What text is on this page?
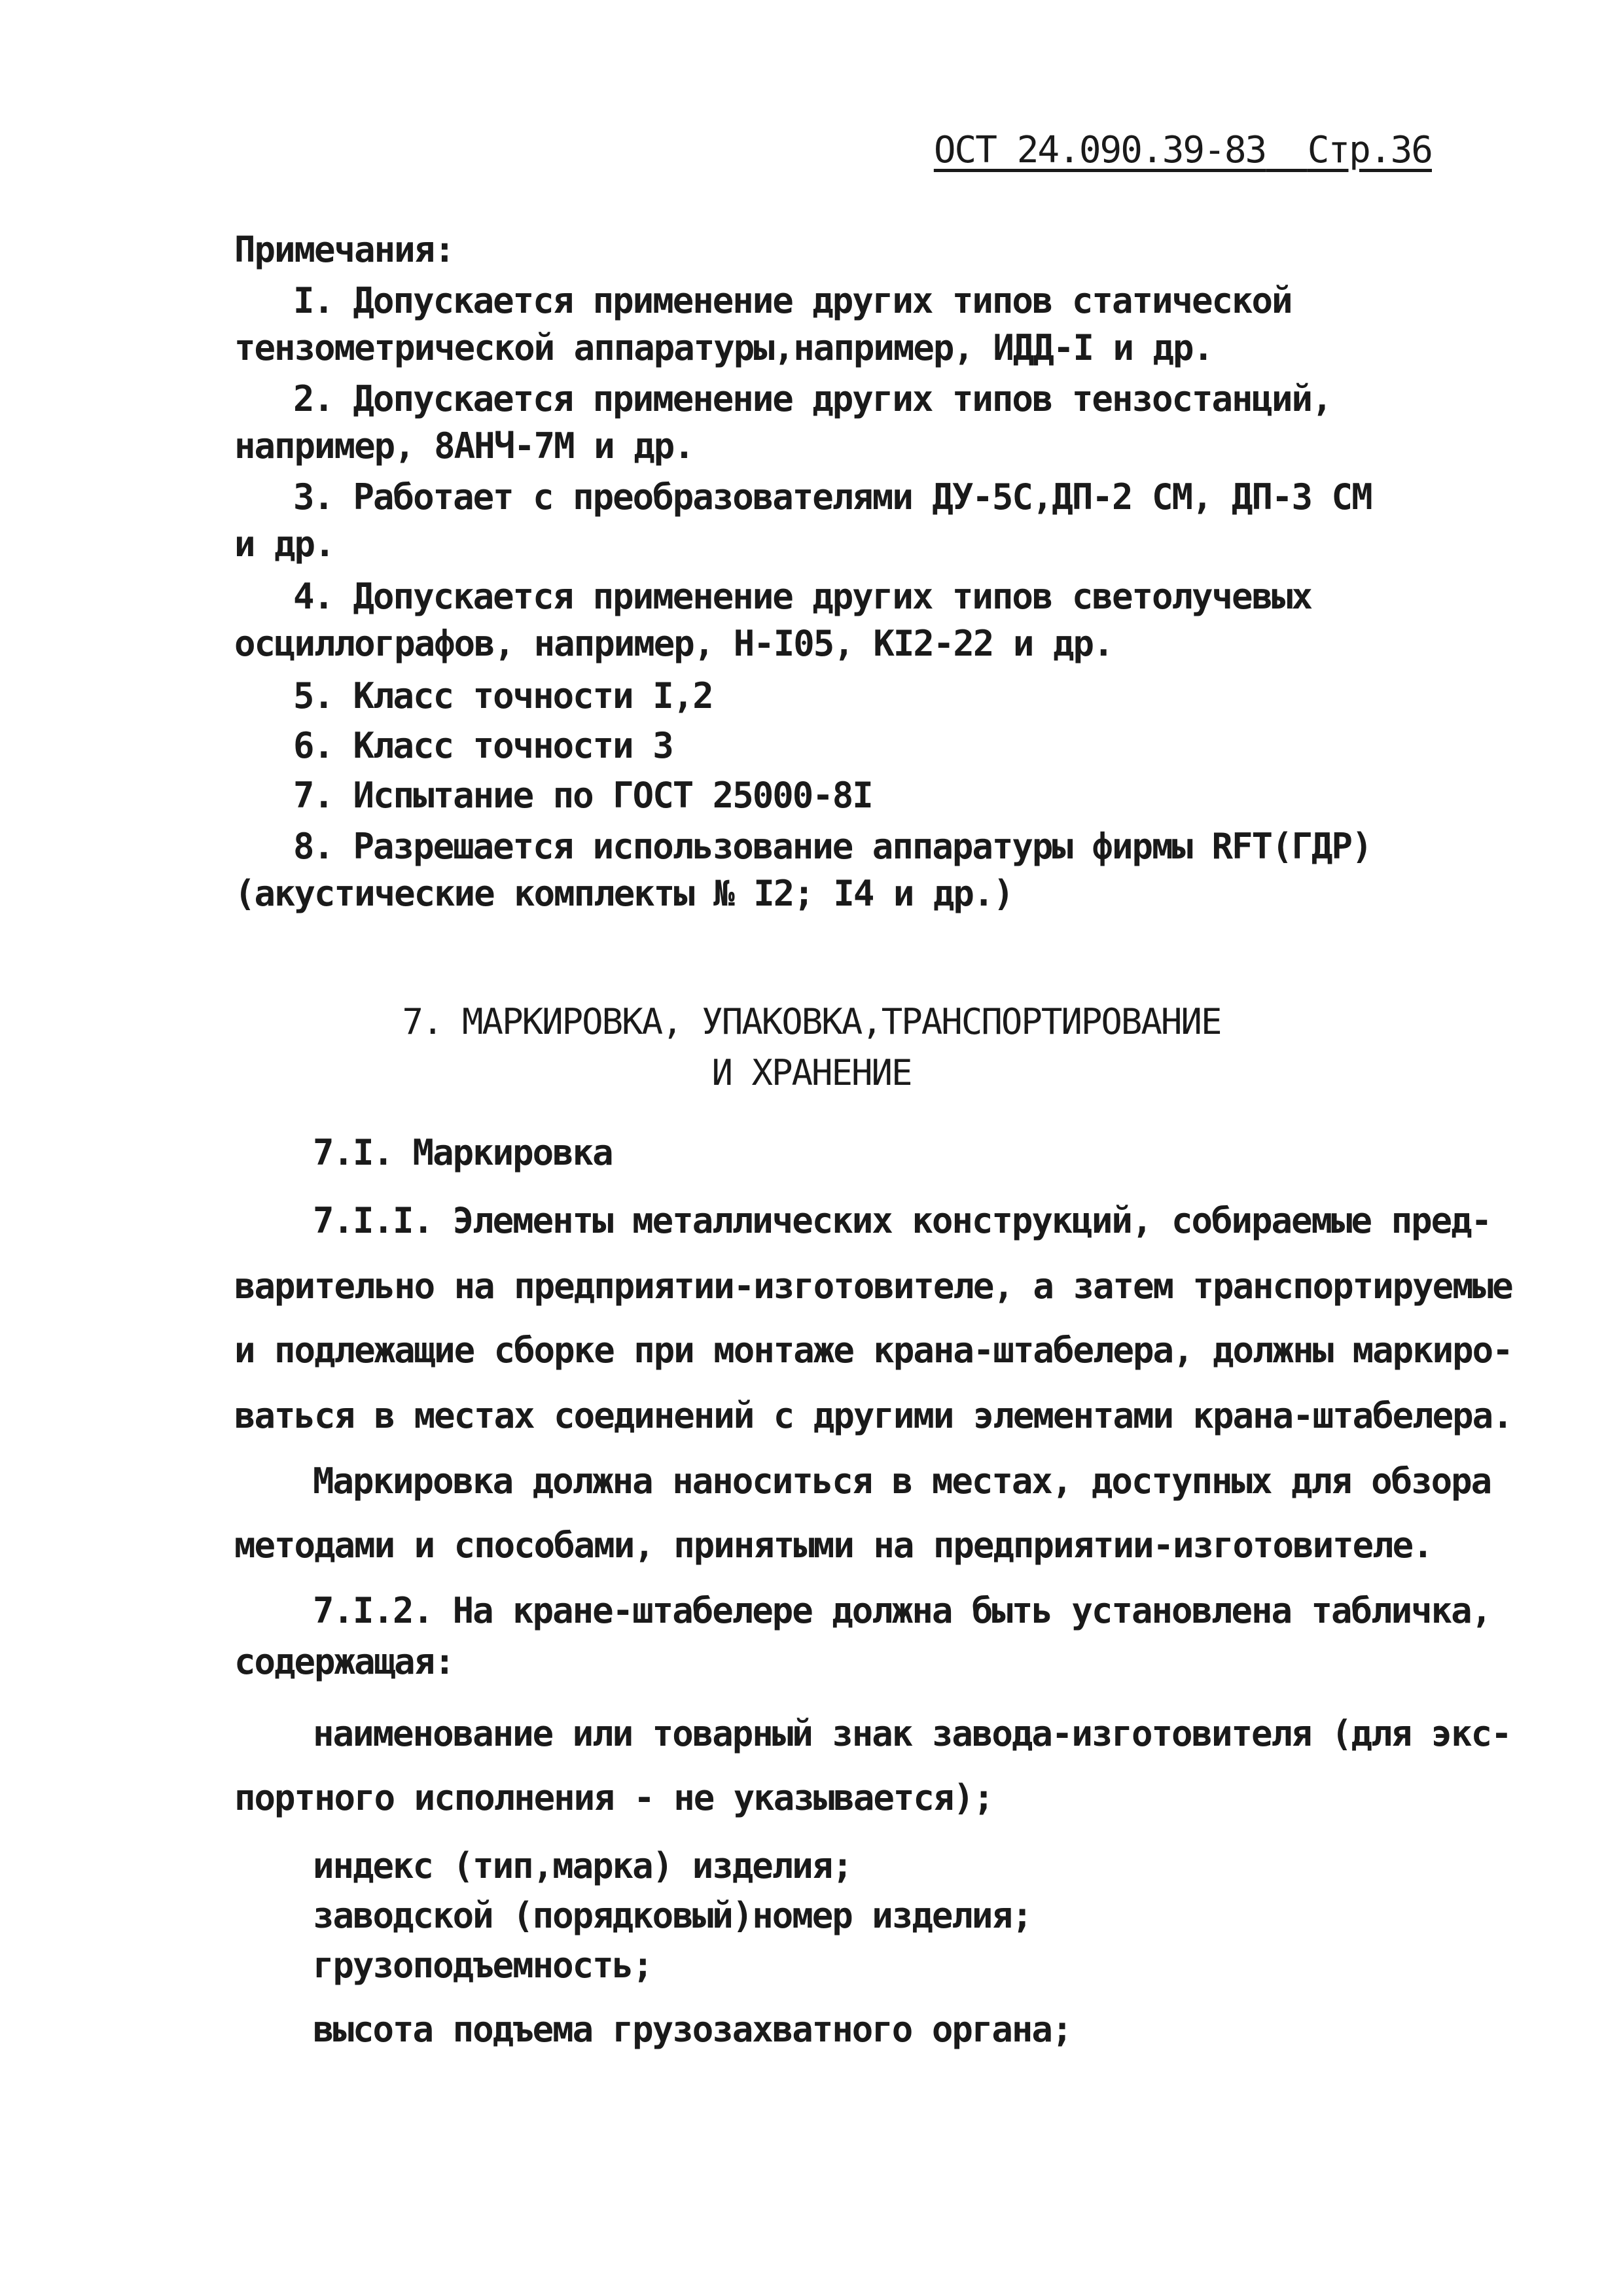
ОСТ 24.090.39-83 Стр.36
Примечания:
I. Допускается применение других типов статической
тензометрической аппаратуры,например, ИДД-I и др.
2. Допускается применение других типов тензостанций,
например, 8АНЧ-7М и др.
3. Работает с преобразователями ДУ-5С,ДП-2 СМ, ДП-3 СМ
и др.
4. Допускается применение других типов светолучевых
осциллографов, например, Н-I05, КI2-22 и др.
5. Класс точности I,2
6. Класс точности 3
7. Испытание по ГОСТ 25000-8I
8. Разрешается использование аппаратуры фирмы RFT(ГДР)
(акустические комплекты № I2; I4 и др.)
7. МАРКИРОВКА, УПАКОВКА,ТРАНСПОРТИРОВАНИЕ
И ХРАНЕНИЕ
7.I. Маркировка
7.I.I. Элементы металлических конструкций, собираемые пред-
варительно на предприятии-изготовителе, а затем транспортируемые
и подлежащие сборке при монтаже крана-штабелера, должны маркиро-
ваться в местах соединений с другими элементами крана-штабелера.
Маркировка должна наноситься в местах, доступных для обзора
методами и способами, принятыми на предприятии-изготовителе.
7.I.2. На кране-штабелере должна быть установлена табличка,
содержащая:
наименование или товарный знак завода-изготовителя (для экс-
портного исполнения - не указывается);
индекс (тип,марка) изделия;
заводской (порядковый)номер изделия;
грузоподъемность;
высота подъема грузозахватного органа;
